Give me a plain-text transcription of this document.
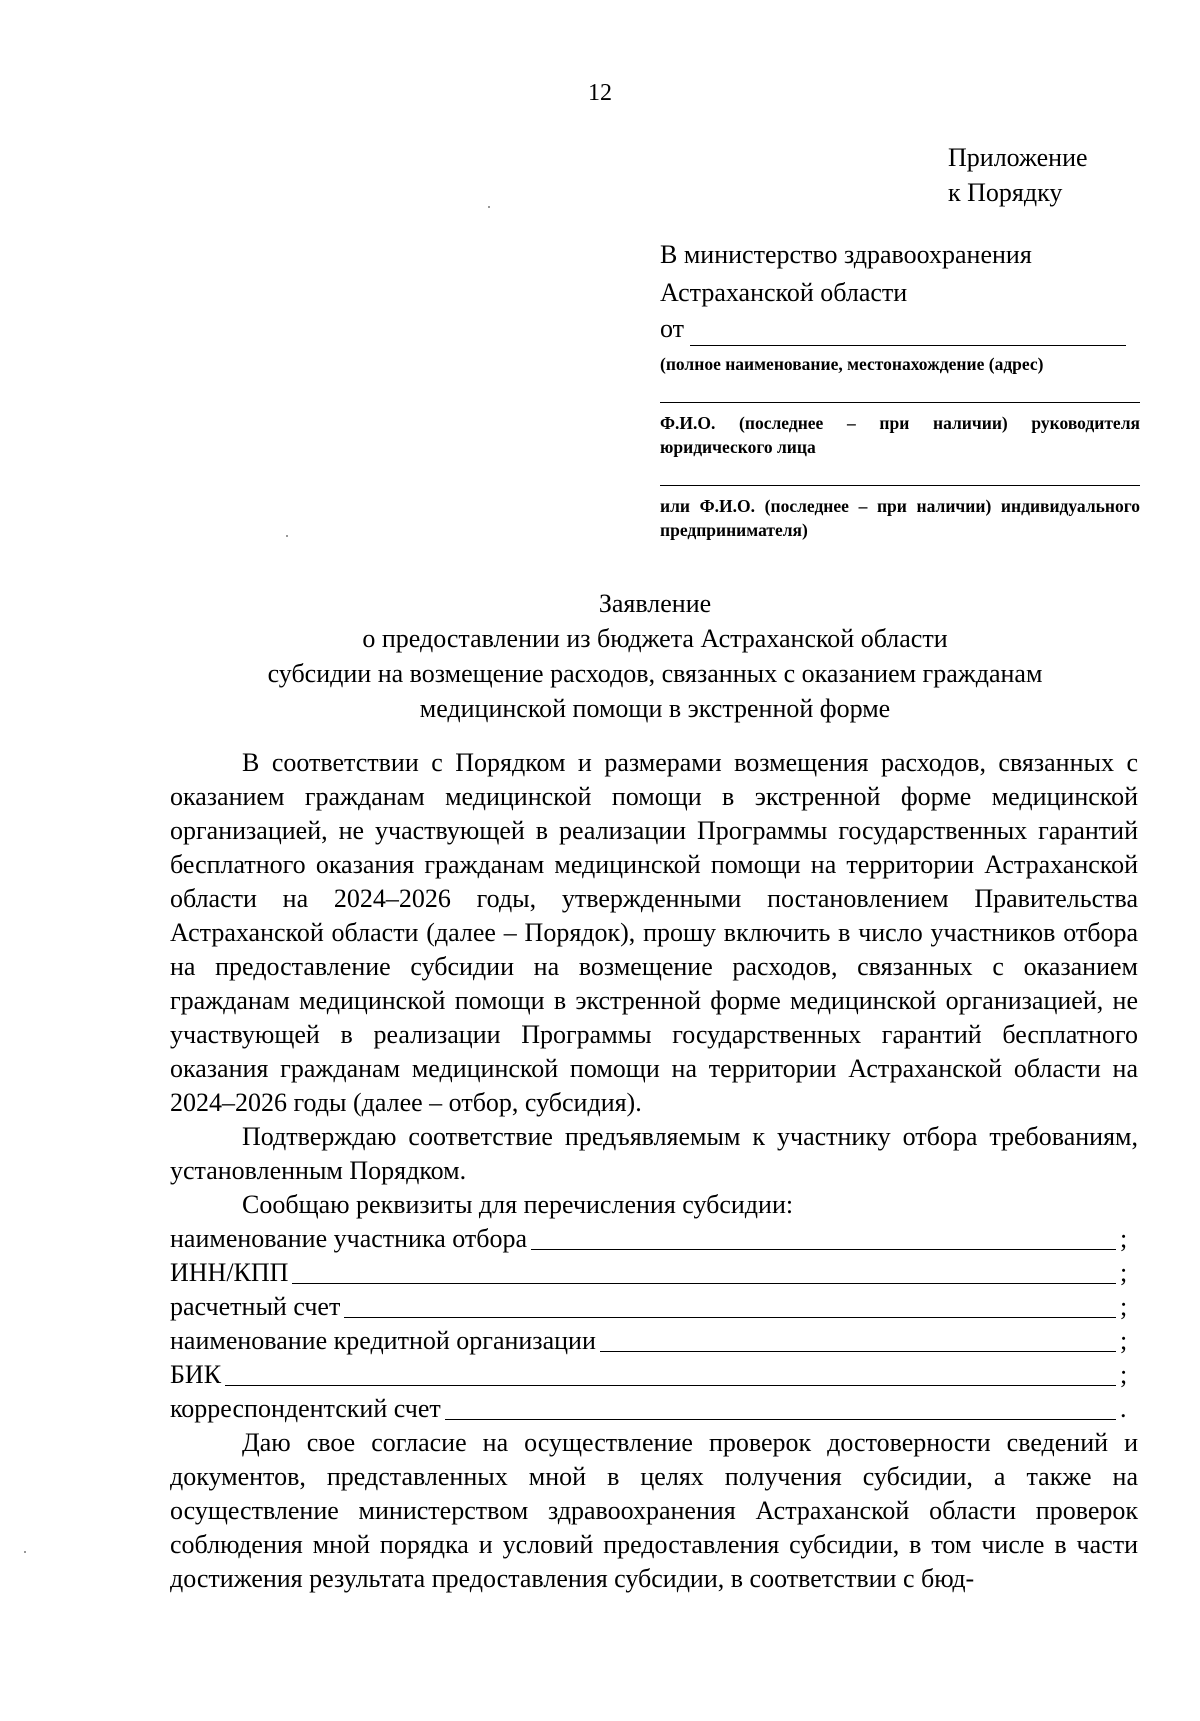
12
Приложение
к Порядку
В министерство здравоохранения
Астраханской области
от
(полное наименование, местонахождение (адрес)
Ф.И.О. (последнее – при наличии) руководителя юридического лица
или Ф.И.О. (последнее – при наличии) индивидуального предпринимателя)
Заявление
о предоставлении из бюджета Астраханской области
субсидии на возмещение расходов, связанных с оказанием гражданам
медицинской помощи в экстренной форме

В соответствии с Порядком и размерами возмещения расходов, связанных с оказанием гражданам медицинской помощи в экстренной форме медицинской организацией, не участвующей в реализации Программы государственных гарантий бесплатного оказания гражданам медицинской помощи на территории Астраханской области на 2024–2026 годы, утвержденными постановлением Правительства Астраханской области (далее – Порядок), прошу включить в число участников отбора на предоставление субсидии на возмещение расходов, связанных с оказанием гражданам медицинской помощи в экстренной форме медицинской организацией, не участвующей в реализации Программы государственных гарантий бесплатного оказания гражданам медицинской помощи на территории Астраханской области на 2024–2026 годы (далее – отбор, субсидия).

Подтверждаю соответствие предъявляемым к участнику отбора требованиям, установленным Порядком.

Сообщаю реквизиты для перечисления субсидии:

наименование участника отбора	;
ИНН/КПП	;
расчетный счет	;
наименование кредитной организации	;
БИК	;
корреспондентский счет	.

Даю свое согласие на осуществление проверок достоверности сведений и документов, представленных мной в целях получения субсидии, а также на осуществление министерством здравоохранения Астраханской области проверок соблюдения мной порядка и условий предоставления субсидии, в том числе в части достижения результата предоставления субсидии, в соответствии с бюд-
